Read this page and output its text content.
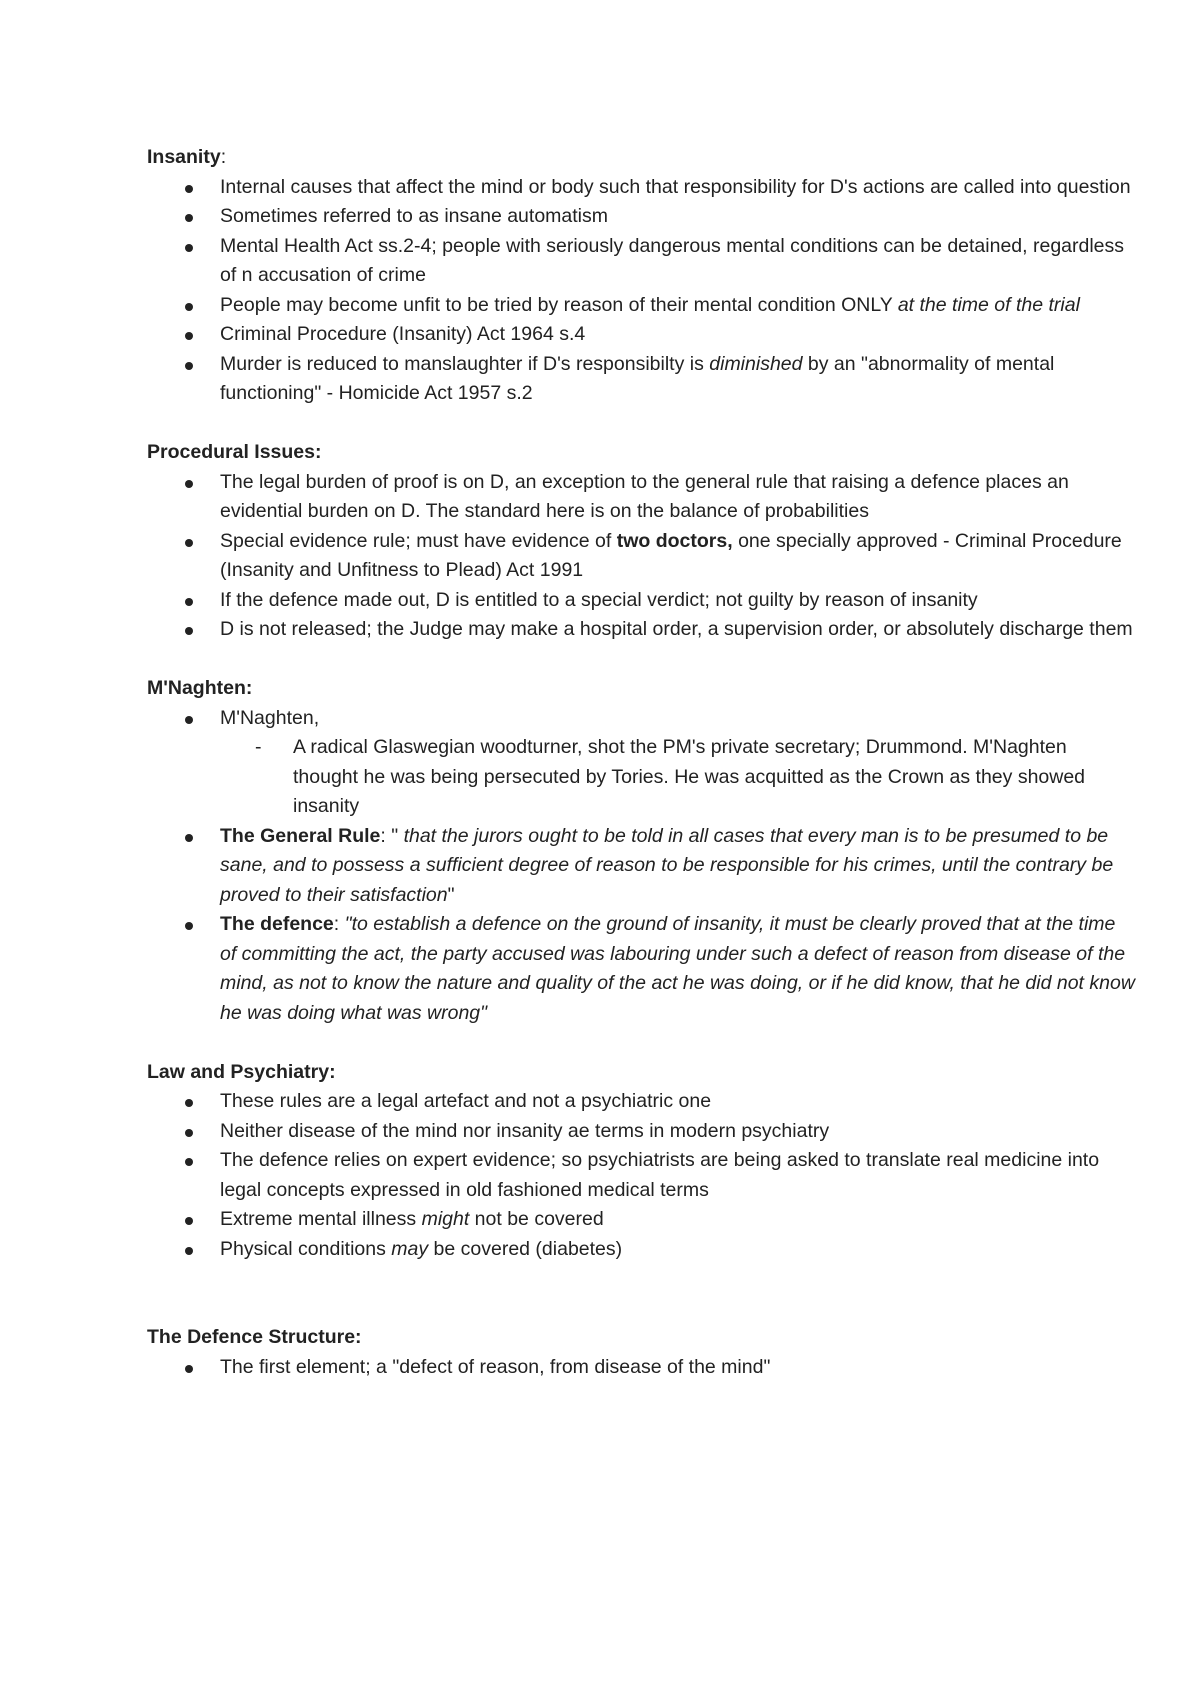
Insanity:

Internal causes that affect the mind or body such that responsibility for D's actions are called into question
Sometimes referred to as insane automatism
Mental Health Act ss.2-4; people with seriously dangerous mental conditions can be detained, regardless of n accusation of crime
People may become unfit to be tried by reason of their mental condition ONLY at the time of the trial
Criminal Procedure (Insanity) Act 1964 s.4
Murder is reduced to manslaughter if D's responsibilty is diminished by an "abnormality of mental functioning" - Homicide Act 1957 s.2

Procedural Issues:

The legal burden of proof is on D, an exception to the general rule that raising a defence places an evidential burden on D. The standard here is on the balance of probabilities
Special evidence rule; must have evidence of two doctors, one specially approved - Criminal Procedure (Insanity and Unfitness to Plead) Act 1991
If the defence made out, D is entitled to a special verdict; not guilty by reason of insanity
D is not released; the Judge may make a hospital order, a supervision order, or absolutely discharge them

M'Naghten:

M'Naghten,
- A radical Glaswegian woodturner, shot the PM's private secretary; Drummond. M'Naghten thought he was being persecuted by Tories. He was acquitted as the Crown as they showed insanity
The General Rule: " that the jurors ought to be told in all cases that every man is to be presumed to be sane, and to possess a sufficient degree of reason to be responsible for his crimes, until the contrary be proved to their satisfaction"
The defence: "to establish a defence on the ground of insanity, it must be clearly proved that at the time of committing the act, the party accused was labouring under such a defect of reason from disease of the mind, as not to know the nature and quality of the act he was doing, or if he did know, that he did not know he was doing what was wrong"

Law and Psychiatry:

These rules are a legal artefact and not a psychiatric one
Neither disease of the mind nor insanity ae terms in modern psychiatry
The defence relies on expert evidence; so psychiatrists are being asked to translate real medicine into legal concepts expressed in old fashioned medical terms
Extreme mental illness might not be covered
Physical conditions may be covered (diabetes)

The Defence Structure:

The first element; a "defect of reason, from disease of the mind"
